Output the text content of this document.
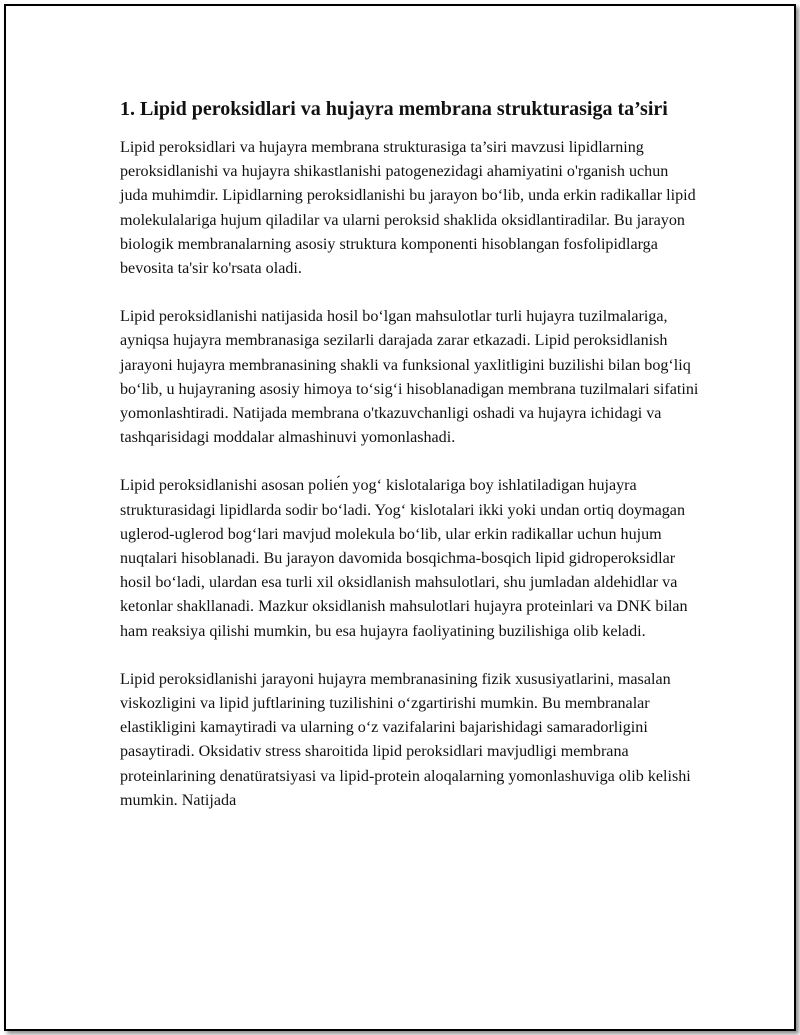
1. Lipid peroksidlari va hujayra membrana strukturasiga ta’siri

Lipid peroksidlari va hujayra membrana strukturasiga ta’siri mavzusi lipidlarning peroksidlanishi va hujayra shikastlanishi patogenezidagi ahamiyatini o'rganish uchun juda muhimdir. Lipidlarning peroksidlanishi bu jarayon bo‘lib, unda erkin radikallar lipid molekulalariga hujum qiladilar va ularni peroksid shaklida oksidlantiradilar. Bu jarayon biologik membranalarning asosiy struktura komponenti hisoblangan fosfolipidlarga bevosita ta'sir ko'rsata oladi.

Lipid peroksidlanishi natijasida hosil bo‘lgan mahsulotlar turli hujayra tuzilmalariga, ayniqsa hujayra membranasiga sezilarli darajada zarar etkazadi. Lipid peroksidlanish jarayoni hujayra membranasining shakli va funksional yaxlitligini buzilishi bilan bog‘liq bo‘lib, u hujayraning asosiy himoya to‘sig‘i hisoblanadigan membrana tuzilmalari sifatini yomonlashtiradi. Natijada membrana o'tkazuvchanligi oshadi va hujayra ichidagi va tashqarisidagi moddalar almashinuvi yomonlashadi.

Lipid peroksidlanishi asosan poliе́n yog‘ kislotalariga boy ishlatiladigan hujayra strukturasidagi lipidlarda sodir bo‘ladi. Yog‘ kislotalari ikki yoki undan ortiq doymagan uglerod-uglerod bog‘lari mavjud molekula bo‘lib, ular erkin radikallar uchun hujum nuqtalari hisoblanadi. Bu jarayon davomida bosqichma-bosqich lipid gidroperoksidlar hosil bo‘ladi, ulardan esa turli xil oksidlanish mahsulotlari, shu jumladan aldehidlar va ketonlar shakllanadi. Mazkur oksidlanish mahsulotlari hujayra proteinlari va DNK bilan ham reaksiya qilishi mumkin, bu esa hujayra faoliyatining buzilishiga olib keladi.

Lipid peroksidlanishi jarayoni hujayra membranasining fizik xususiyatlarini, masalan viskozligini va lipid juftlarining tuzilishini o‘zgartirishi mumkin. Bu membranalar elastikligini kamaytiradi va ularning o‘z vazifalarini bajarishidagi samaradorligini pasaytiradi. Oksidativ stress sharoitida lipid peroksidlari mavjudligi membrana proteinlarining denatüratsiyasi va lipid-protein aloqalarning yomonlashuviga olib kelishi mumkin. Natijada
